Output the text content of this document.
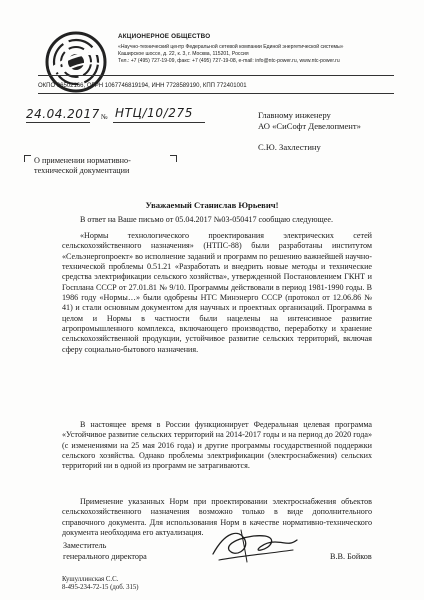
АКЦИОНЕРНОЕ ОБЩЕСТВО
«Научно-технический центр Федеральной сетевой компании Единой энергетической системы»
Каширское шоссе, д. 22, к. 3, г. Москва, 115201, Россия
Тел.: +7 (495) 727-19-09, факс: +7 (495) 727-19-08, e-mail: info@ntc-power.ru, www.ntc-power.ru
ОКПО 96502166, ОГРН 1067746819194, ИНН 7728589190, КПП 772401001
24.04.2017 № НТЦ/10/275	Главному инженеру
АО «СиСофт Девелопмент»
С.Ю. Захлестину
О применении нормативно-технической документации
Уважаемый Станислав Юрьевич!

В ответ на Ваше письмо от 05.04.2017 №03-050417 сообщаю следующее.

«Нормы технологического проектирования электрических сетей сельскохозяйственного назначения» (НТПС-88) были разработаны институтом «Сельэнергопроект» во исполнение заданий и программ по решению важнейшей научно-технической проблемы 0.51.21 «Разработать и внедрить новые методы и технические средства электрификации сельского хозяйства», утвержденной Постановлением ГКНТ и Госплана СССР от 27.01.81 № 9/10. Программы действовали в период 1981-1990 годы. В 1986 году «Нормы…» были одобрены НТС Минэнерго СССР (протокол от 12.06.86 № 41) и стали основным документом для научных и проектных организаций. Программа в целом и Нормы в частности были нацелены на интенсивное развитие агропромышленного комплекса, включающего производство, переработку и хранение сельскохозяйственной продукции, устойчивое развитие сельских территорий, включая сферу социально-бытового назначения.

В настоящее время в России функционирует Федеральная целевая программа «Устойчивое развитие сельских территорий на 2014-2017 годы и на период до 2020 года» (с изменениями на 25 мая 2016 года) и другие программы государственной поддержки сельского хозяйства. Однако проблемы электрификации (электроснабжения) сельских территорий ни в одной из программ не затрагиваются.

Применение указанных Норм при проектировании электроснабжения объектов сельскохозяйственного назначения возможно только в виде дополнительного справочного документа. Для использования Норм в качестве нормативно-технического документа необходима его актуализация.

Заместитель
генерального директора	В.В. Бойков
Кушуллинская С.С.
8-495-234-72-15 (доб. 315)
